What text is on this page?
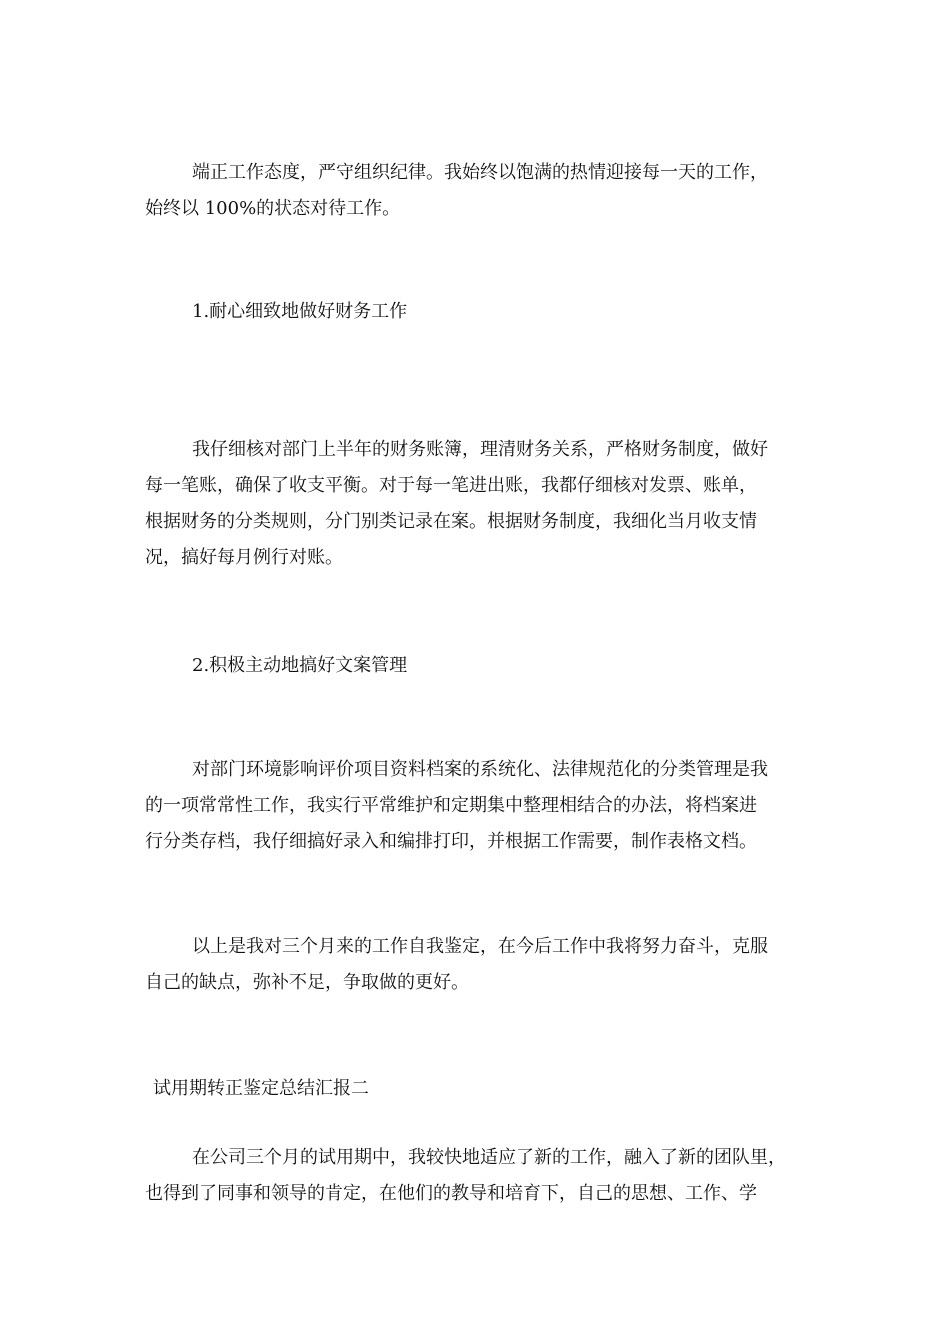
端正工作态度，严守组织纪律。我始终以饱满的热情迎接每一天的工作，
始终以 100%的状态对待工作。
1.耐心细致地做好财务工作
我仔细核对部门上半年的财务账簿，理清财务关系，严格财务制度，做好
每一笔账，确保了收支平衡。对于每一笔进出账，我都仔细核对发票、账单，
根据财务的分类规则，分门别类记录在案。根据财务制度，我细化当月收支情
况，搞好每月例行对账。
2.积极主动地搞好文案管理
对部门环境影响评价项目资料档案的系统化、法律规范化的分类管理是我
的一项常常性工作，我实行平常维护和定期集中整理相结合的办法，将档案进
行分类存档，我仔细搞好录入和编排打印，并根据工作需要，制作表格文档。
以上是我对三个月来的工作自我鉴定，在今后工作中我将努力奋斗，克服
自己的缺点，弥补不足，争取做的更好。
试用期转正鉴定总结汇报二
在公司三个月的试用期中，我较快地适应了新的工作，融入了新的团队里，
也得到了同事和领导的肯定，在他们的教导和培育下，自己的思想、工作、学
